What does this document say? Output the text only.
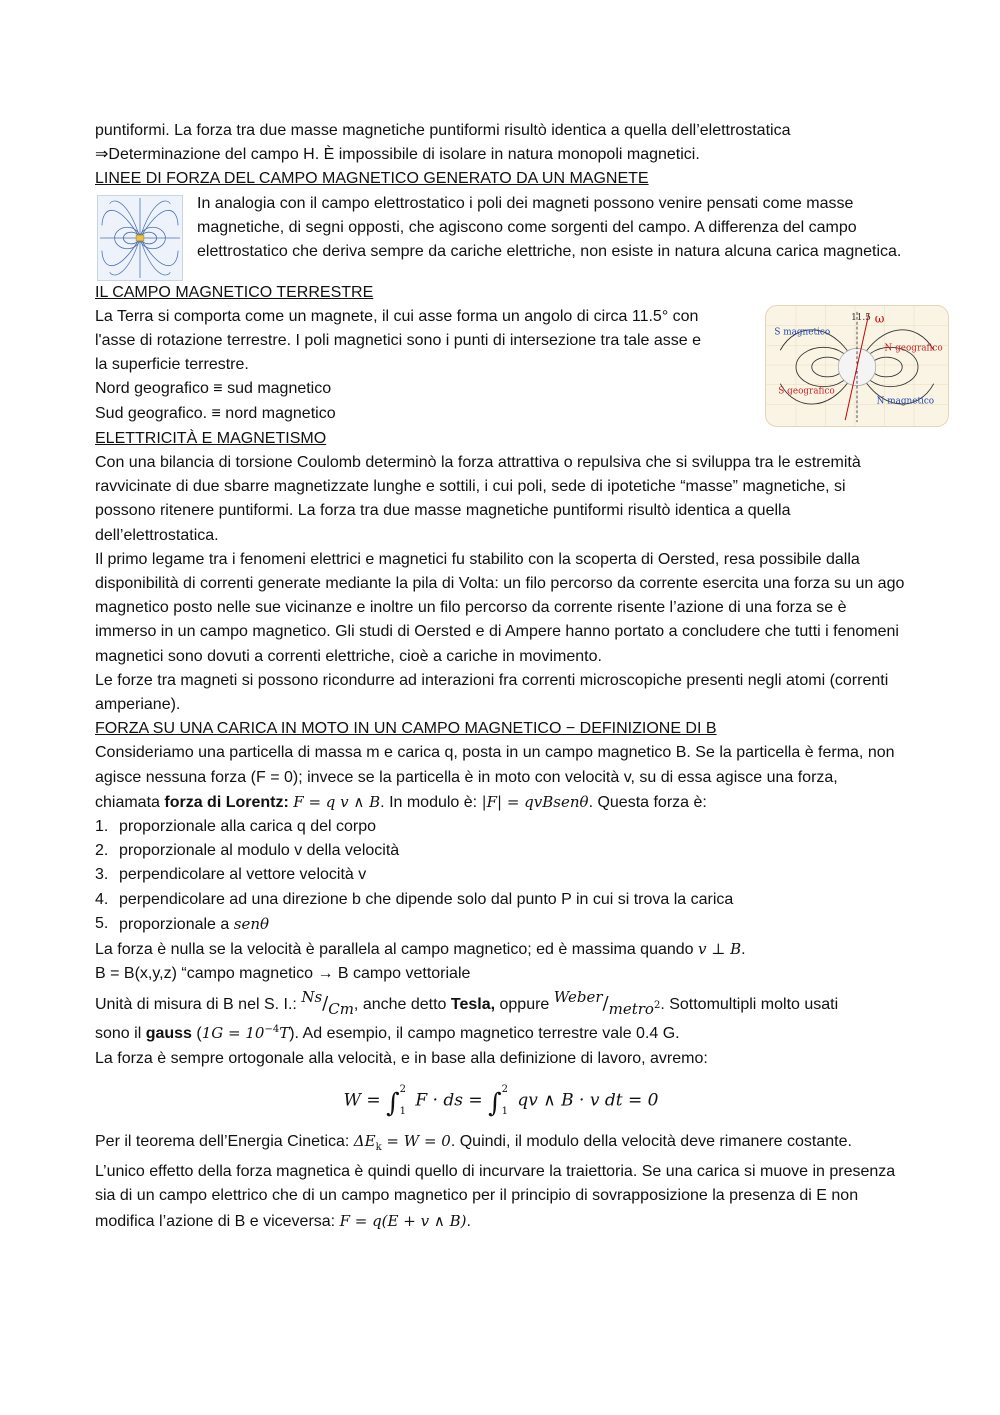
puntiformi. La forza tra due masse magnetiche puntiformi risultò identica a quella dell’elettrostatica

⇒Determinazione del campo H. È impossibile di isolare in natura monopoli magnetici.

LINEE DI FORZA DEL CAMPO MAGNETICO GENERATO DA UN MAGNETE

In analogia con il campo elettrostatico i poli dei magneti possono venire pensati come masse magnetiche, di segni opposti, che agiscono come sorgenti del campo. A differenza del campo elettrostatico che deriva sempre da cariche elettriche, non esiste in natura alcuna carica magnetica.

IL CAMPO MAGNETICO TERRESTRE

La Terra si comporta come un magnete, il cui asse forma un angolo di circa 11.5° con

l'asse di rotazione terrestre. I poli magnetici sono i punti di intersezione tra tale asse e

la superficie terrestre.

Nord geografico ≡ sud magnetico

Sud geografico. ≡ nord magnetico

11.5 ω
S magnetico
N geografico
S geografico
N magnetico

ELETTRICITÀ E MAGNETISMO

Con una bilancia di torsione Coulomb determinò la forza attrattiva o repulsiva che si sviluppa tra le estremità ravvicinate di due sbarre magnetizzate lunghe e sottili, i cui poli, sede di ipotetiche “masse” magnetiche, si possono ritenere puntiformi. La forza tra due masse magnetiche puntiformi risultò identica a quella dell’elettrostatica.

Il primo legame tra i fenomeni elettrici e magnetici fu stabilito con la scoperta di Oersted, resa possibile dalla disponibilità di correnti generate mediante la pila di Volta: un filo percorso da corrente esercita una forza su un ago magnetico posto nelle sue vicinanze e inoltre un filo percorso da corrente risente l’azione di una forza se è immerso in un campo magnetico. Gli studi di Oersted e di Ampere hanno portato a concludere che tutti i fenomeni magnetici sono dovuti a correnti elettriche, cioè a cariche in movimento.

Le forze tra magneti si possono ricondurre ad interazioni fra correnti microscopiche presenti negli atomi (correnti amperiane).

FORZA SU UNA CARICA IN MOTO IN UN CAMPO MAGNETICO − DEFINIZIONE DI B

Consideriamo una particella di massa m e carica q, posta in un campo magnetico B. Se la particella è ferma, non agisce nessuna forza (F = 0); invece se la particella è in moto con velocità v, su di essa agisce una forza, chiamata forza di Lorentz: F = q v ∧ B. In modulo è: |F| = qvBsenθ. Questa forza è:

1. proporzionale alla carica q del corpo
2. proporzionale al modulo v della velocità
3. perpendicolare al vettore velocità v
4. perpendicolare ad una direzione b che dipende solo dal punto P in cui si trova la carica
5. proporzionale a senθ

La forza è nulla se la velocità è parallela al campo magnetico; ed è massima quando v ⊥ B.

B = B(x,y,z) “campo magnetico → B campo vettoriale

Unità di misura di B nel S. I.: Ns/Cm, anche detto Tesla, oppure Weber/metro$^2$. Sottomultipli molto usati

sono il gauss $(1G = 10^{-4}T)$. Ad esempio, il campo magnetico terrestre vale 0.4 G.

La forza è sempre ortogonale alla velocità, e in base alla definizione di lavoro, avremo:

W = ∫ 2
1
F · ds = ∫ 2
1
qv ∧ B · v dt = 0

Per il teorema dell’Energia Cinetica: $\Delta E_k = W = 0$. Quindi, il modulo della velocità deve rimanere costante.

L’unico effetto della forza magnetica è quindi quello di incurvare la traiettoria. Se una carica si muove in presenza sia di un campo elettrico che di un campo magnetico per il principio di sovrapposizione la presenza di E non modifica l’azione di B e viceversa: F = q(E + v ∧ B).
